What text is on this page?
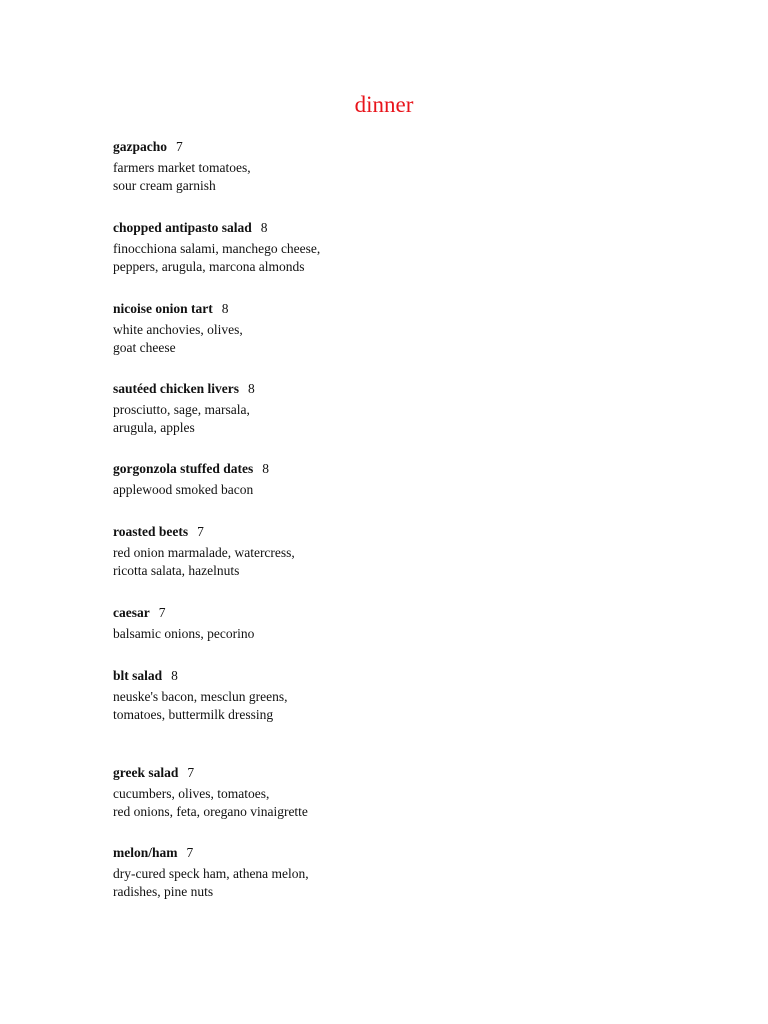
dinner
gazpacho 7
farmers market tomatoes,
sour cream garnish
chopped antipasto salad 8
finocchiona salami, manchego cheese,
peppers, arugula, marcona almonds
nicoise onion tart 8
white anchovies, olives,
goat cheese
sautéed chicken livers 8
prosciutto, sage, marsala,
arugula, apples
gorgonzola stuffed dates 8
applewood smoked bacon
roasted beets 7
red onion marmalade, watercress,
ricotta salata, hazelnuts
caesar 7
balsamic onions, pecorino
blt salad 8
neuske's bacon, mesclun greens,
tomatoes, buttermilk dressing
greek salad 7
cucumbers, olives, tomatoes,
red onions, feta, oregano vinaigrette
melon/ham 7
dry-cured speck ham, athena melon,
radishes, pine nuts
